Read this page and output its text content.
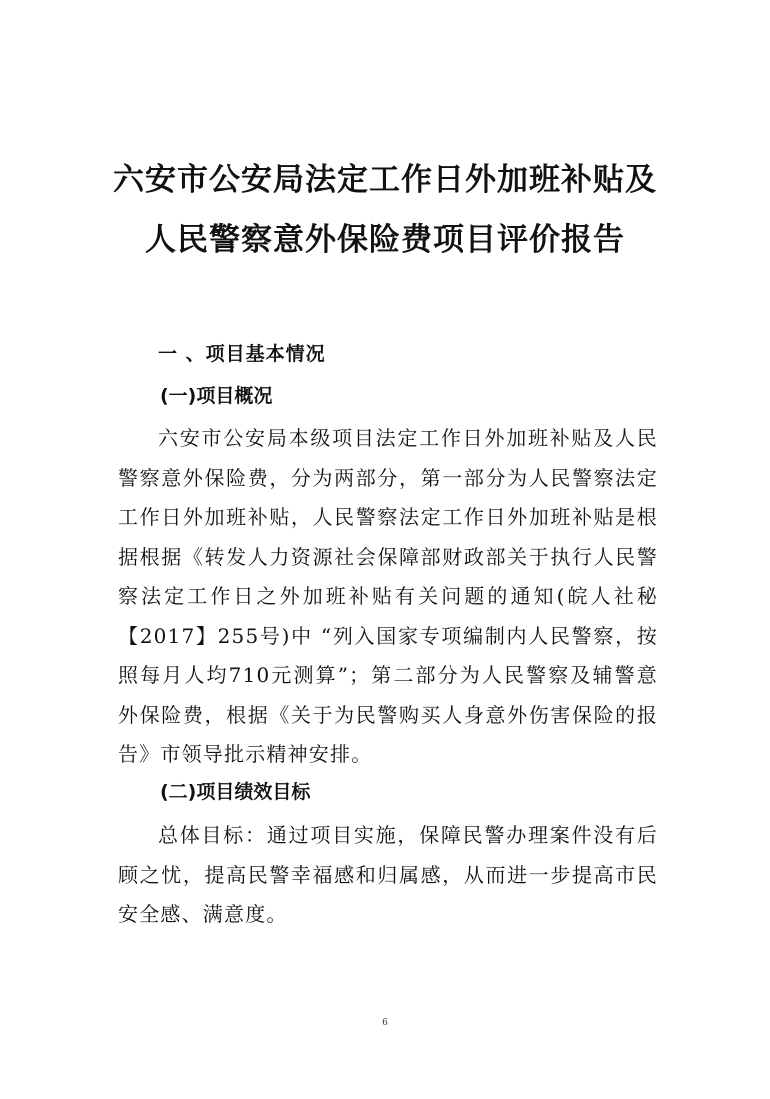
六安市公安局法定工作日外加班补贴及
人民警察意外保险费项目评价报告
一 、项目基本情况
(一)项目概况
六安市公安局本级项目法定工作日外加班补贴及人民警察意外保险费，分为两部分，第一部分为人民警察法定工作日外加班补贴，人民警察法定工作日外加班补贴是根据根据《转发人力资源社会保障部财政部关于执行人民警察法定工作日之外加班补贴有关问题的通知(皖人社秘【2017】255号)中 “列入国家专项编制内人民警察，按照每月人均710元测算”；第二部分为人民警察及辅警意外保险费，根据《关于为民警购买人身意外伤害保险的报告》市领导批示精神安排。
(二)项目绩效目标
总体目标：通过项目实施，保障民警办理案件没有后顾之忧，提高民警幸福感和归属感，从而进一步提高市民安全感、满意度。
6
